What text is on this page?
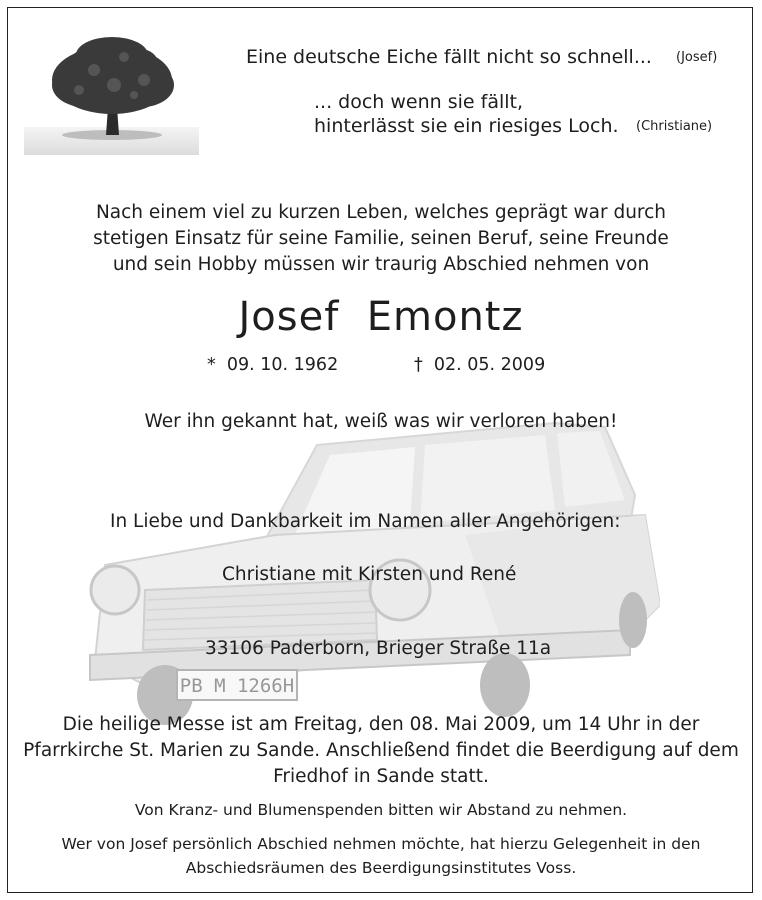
PB M 1266H
Eine deutsche Eiche fällt nicht so schnell... (Josef)
... doch wenn sie fällt,
hinterlässt sie ein riesiges Loch. (Christiane)
Nach einem viel zu kurzen Leben, welches geprägt war durch
stetigen Einsatz für seine Familie, seinen Beruf, seine Freunde
und sein Hobby müssen wir traurig Abschied nehmen von
Josef  Emontz
*  09. 10. 1962	†  02. 05. 2009
Wer ihn gekannt hat, weiß was wir verloren haben!
In Liebe und Dankbarkeit im Namen aller Angehörigen:
Christiane mit Kirsten und René
33106 Paderborn, Brieger Straße 11a
Die heilige Messe ist am Freitag, den 08. Mai 2009, um 14 Uhr in der
Pfarrkirche St. Marien zu Sande. Anschließend findet die Beerdigung auf dem
Friedhof in Sande statt.
Von Kranz- und Blumenspenden bitten wir Abstand zu nehmen.
Wer von Josef persönlich Abschied nehmen möchte, hat hierzu Gelegenheit in den
Abschiedsräumen des Beerdigungsinstitutes Voss.
